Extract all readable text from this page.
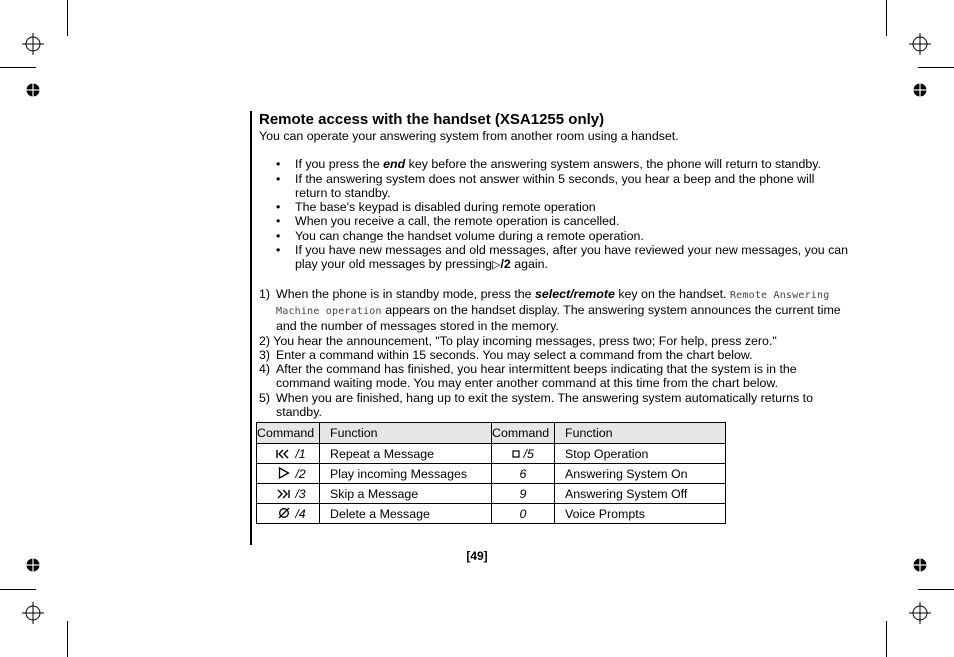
Remote access with the handset (XSA1255 only)

You can operate your answering system from another room using a handset.

• If you press the end key before the answering system answers, the phone will return to standby.
• If the answering system does not answer within 5 seconds, you hear a beep and the phone will return to standby.
• The base's keypad is disabled during remote operation
• When you receive a call, the remote operation is cancelled.
• You can change the handset volume during a remote operation.
• If you have new messages and old messages, after you have reviewed your new messages, you can play your old messages by pressing▷/2 again.
1) When the phone is in standby mode, press the select/remote key on the handset. Remote Answering Machine operation appears on the handset display. The answering system announces the current time and the number of messages stored in the memory.
2) You hear the announcement, "To play incoming messages, press two; For help, press zero."
3) Enter a command within 15 seconds. You may select a command from the chart below.
4) After the command has finished, you hear intermittent beeps indicating that the system is in the command waiting mode. You may enter another command at this time from the chart below.
5) When you are finished, hang up to exit the system. The answering system automatically returns to standby.
Command	Function	Command	Function
/1	Repeat a Message	/5	Stop Operation
/2	Play incoming Messages	6	Answering System On
/3	Skip a Message	9	Answering System Off
/4	Delete a Message	0	Voice Prompts
[49]
